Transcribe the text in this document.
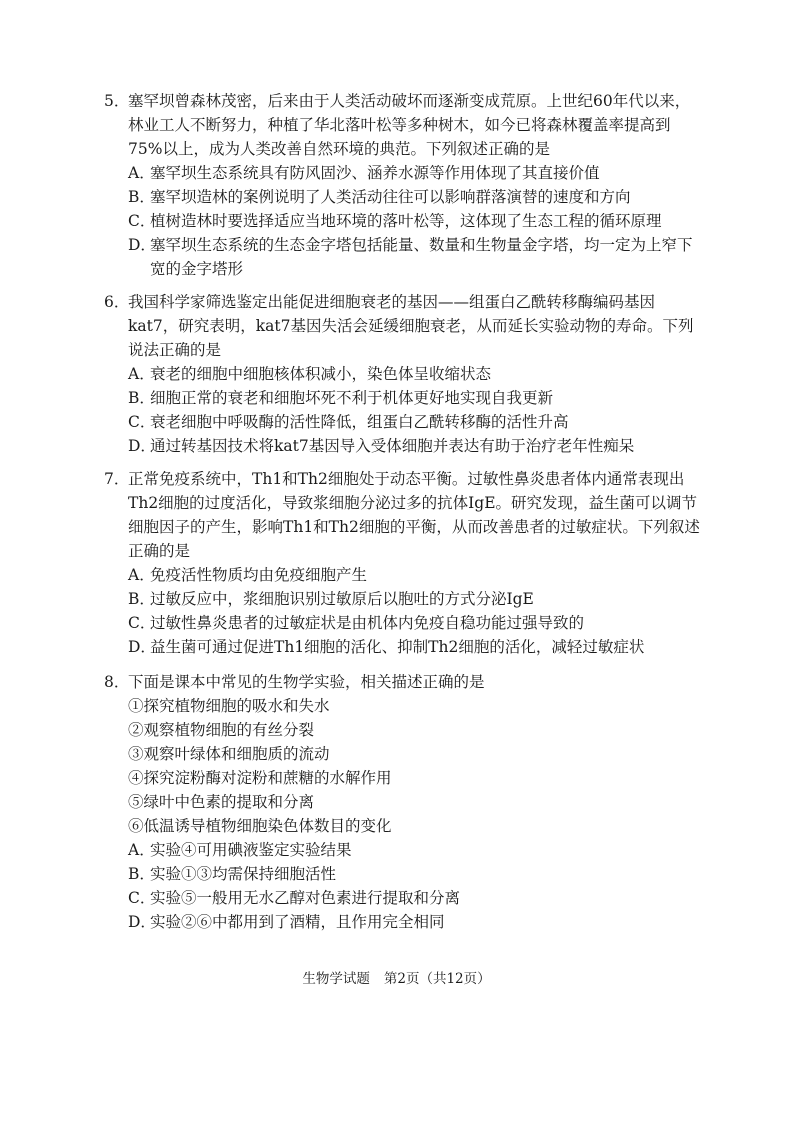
5．
塞罕坝曾森林茂密，后来由于人类活动破坏而逐渐变成荒原。上世纪60年代以来，林业工人不断努力，种植了华北落叶松等多种树木，如今已将森林覆盖率提高到75%以上，成为人类改善自然环境的典范。下列叙述正确的是
A．
塞罕坝生态系统具有防风固沙、涵养水源等作用体现了其直接价值
B．
塞罕坝造林的案例说明了人类活动往往可以影响群落演替的速度和方向
C．
植树造林时要选择适应当地环境的落叶松等，这体现了生态工程的循环原理
D．
塞罕坝生态系统的生态金字塔包括能量、数量和生物量金字塔，均一定为上窄下宽的金字塔形
6．
我国科学家筛选鉴定出能促进细胞衰老的基因——组蛋白乙酰转移酶编码基因kat7，研究表明，kat7基因失活会延缓细胞衰老，从而延长实验动物的寿命。下列说法正确的是
A．
衰老的细胞中细胞核体积减小，染色体呈收缩状态
B．
细胞正常的衰老和细胞坏死不利于机体更好地实现自我更新
C．
衰老细胞中呼吸酶的活性降低，组蛋白乙酰转移酶的活性升高
D．
通过转基因技术将kat7基因导入受体细胞并表达有助于治疗老年性痴呆
7．
正常免疫系统中，Th1和Th2细胞处于动态平衡。过敏性鼻炎患者体内通常表现出Th2细胞的过度活化，导致浆细胞分泌过多的抗体IgE。研究发现，益生菌可以调节细胞因子的产生，影响Th1和Th2细胞的平衡，从而改善患者的过敏症状。下列叙述正确的是
A．
免疫活性物质均由免疫细胞产生
B．
过敏反应中，浆细胞识别过敏原后以胞吐的方式分泌IgE
C．
过敏性鼻炎患者的过敏症状是由机体内免疫自稳功能过强导致的
D．
益生菌可通过促进Th1细胞的活化、抑制Th2细胞的活化，减轻过敏症状
8．
下面是课本中常见的生物学实验，相关描述正确的是
①探究植物细胞的吸水和失水
②观察植物细胞的有丝分裂
③观察叶绿体和细胞质的流动
④探究淀粉酶对淀粉和蔗糖的水解作用
⑤绿叶中色素的提取和分离
⑥低温诱导植物细胞染色体数目的变化
A．
实验④可用碘液鉴定实验结果
B．
实验①③均需保持细胞活性
C．
实验⑤一般用无水乙醇对色素进行提取和分离
D．
实验②⑥中都用到了酒精，且作用完全相同
生物学试题 第2页（共12页）
